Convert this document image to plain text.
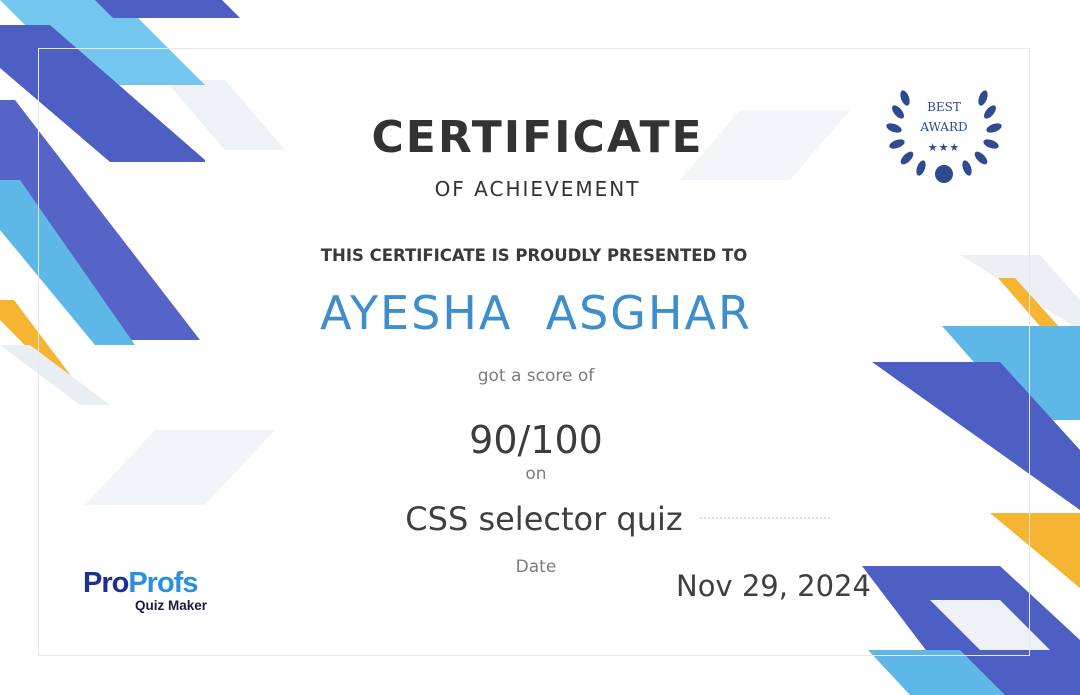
BEST
AWARD
★★★
CERTIFICATE
OF ACHIEVEMENT
THIS CERTIFICATE IS PROUDLY PRESENTED TO
AYESHA  ASGHAR
got a score of
90/100
on
CSS selector quiz
Date
Nov 29, 2024
ProProfs
Quiz Maker
